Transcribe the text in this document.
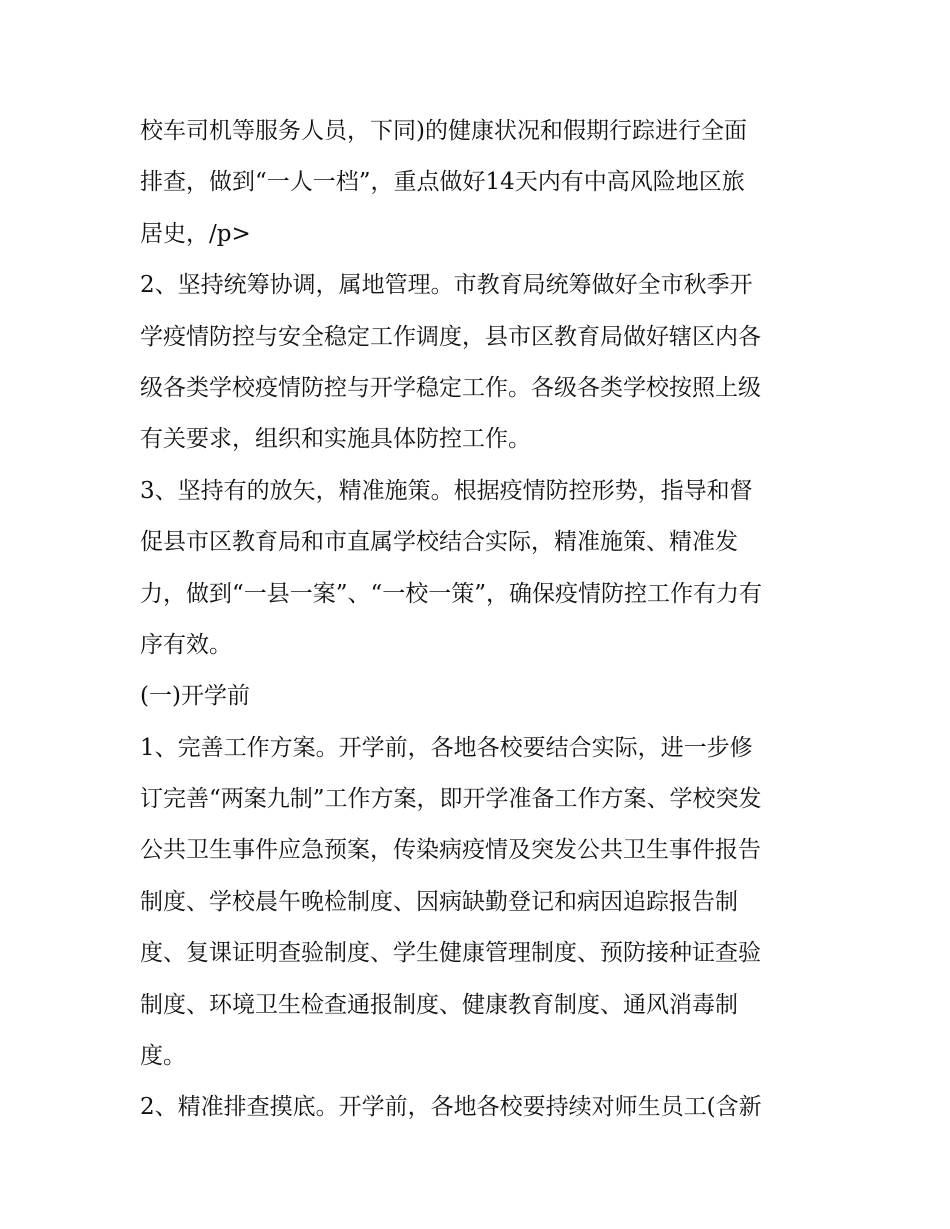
校车司机等服务人员，下同)的健康状况和假期行踪进行全面
排查，做到“一人一档”，重点做好14天内有中高风险地区旅
居史，/p>
2、坚持统筹协调，属地管理。市教育局统筹做好全市秋季开
学疫情防控与安全稳定工作调度，县市区教育局做好辖区内各
级各类学校疫情防控与开学稳定工作。各级各类学校按照上级
有关要求，组织和实施具体防控工作。
3、坚持有的放矢，精准施策。根据疫情防控形势，指导和督
促县市区教育局和市直属学校结合实际，精准施策、精准发
力，做到“一县一案”、“一校一策”，确保疫情防控工作有力有
序有效。
(一)开学前
1、完善工作方案。开学前，各地各校要结合实际，进一步修
订完善“两案九制”工作方案，即开学准备工作方案、学校突发
公共卫生事件应急预案，传染病疫情及突发公共卫生事件报告
制度、学校晨午晚检制度、因病缺勤登记和病因追踪报告制
度、复课证明查验制度、学生健康管理制度、预防接种证查验
制度、环境卫生检查通报制度、健康教育制度、通风消毒制
度。
2、精准排查摸底。开学前，各地各校要持续对师生员工(含新
